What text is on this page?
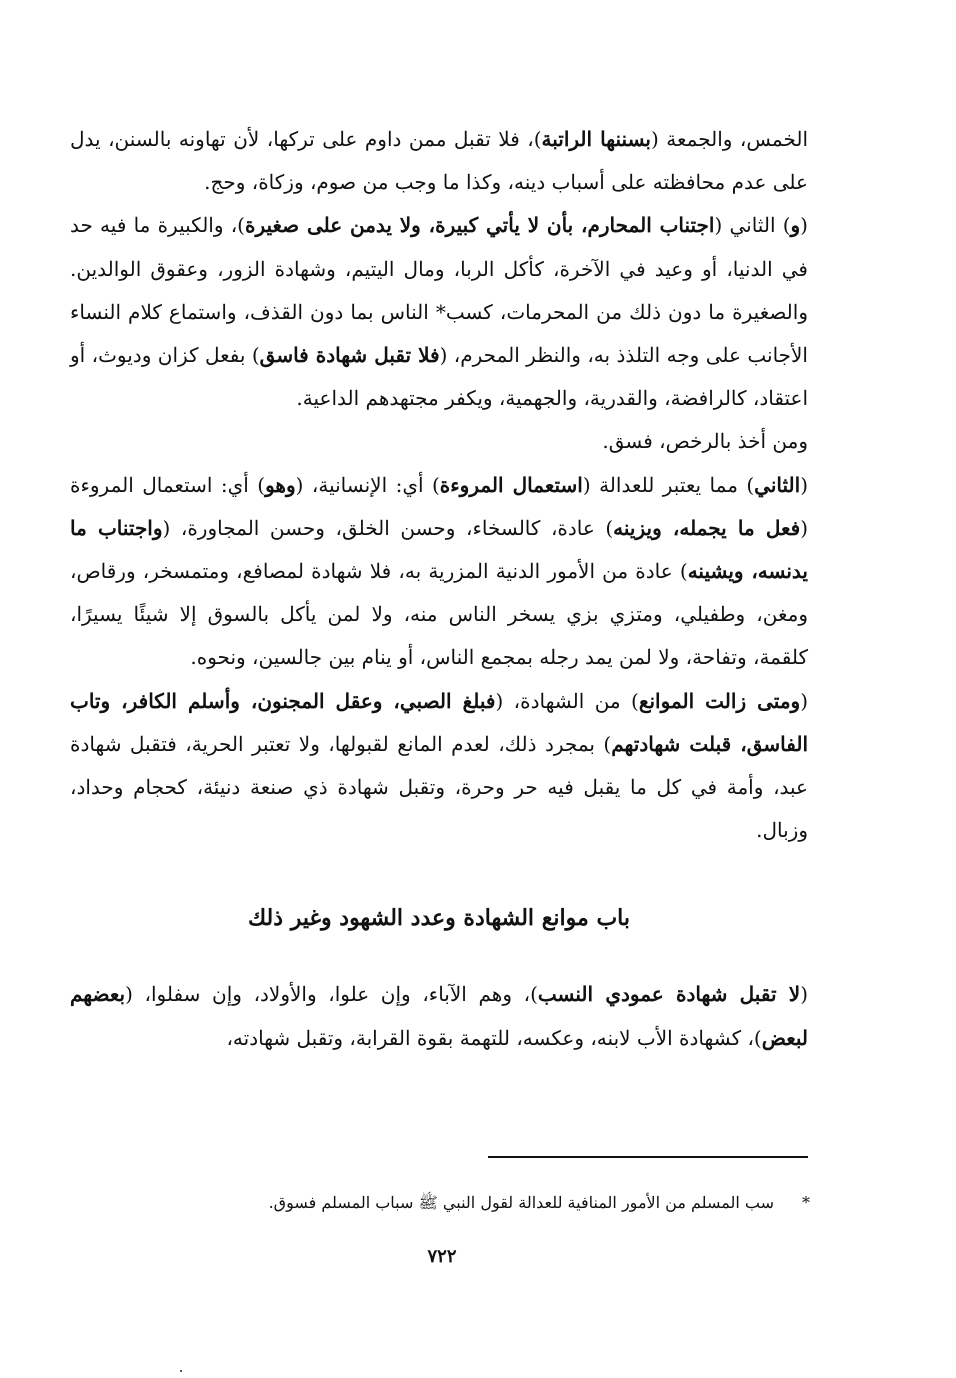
الخمس، والجمعة (بسننها الراتبة)، فلا تقبل ممن داوم على تركها، لأن تهاونه بالسنن، يدل على عدم محافظته على أسباب دينه، وكذا ما وجب من صوم، وزكاة، وحج.

(و) الثاني (اجتناب المحارم، بأن لا يأتي كبيرة، ولا يدمن على صغيرة)، والكبيرة ما فيه حد في الدنيا، أو وعيد في الآخرة، كأكل الربا، ومال اليتيم، وشهادة الزور، وعقوق الوالدين. والصغيرة ما دون ذلك من المحرمات، كسب* الناس بما دون القذف، واستماع كلام النساء الأجانب على وجه التلذذ به، والنظر المحرم، (فلا تقبل شهادة فاسق) بفعل كزان وديوث، أو اعتقاد، كالرافضة، والقدرية، والجهمية، ويكفر مجتهدهم الداعية.

ومن أخذ بالرخص، فسق.

(الثاني) مما يعتبر للعدالة (استعمال المروءة) أي: الإنسانية، (وهو) أي: استعمال المروءة (فعل ما يجمله، ويزينه) عادة، كالسخاء، وحسن الخلق، وحسن المجاورة، (واجتناب ما يدنسه، ويشينه) عادة من الأمور الدنية المزرية به، فلا شهادة لمصافع، ومتمسخر، ورقاص، ومغن، وطفيلي، ومتزي بزي يسخر الناس منه، ولا لمن يأكل بالسوق إلا شيئًا يسيرًا، كلقمة، وتفاحة، ولا لمن يمد رجله بمجمع الناس، أو ينام بين جالسين، ونحوه.

(ومتى زالت الموانع) من الشهادة، (فبلغ الصبي، وعقل المجنون، وأسلم الكافر، وتاب الفاسق، قبلت شهادتهم) بمجرد ذلك، لعدم المانع لقبولها، ولا تعتبر الحرية، فتقبل شهادة عبد، وأمة في كل ما يقبل فيه حر وحرة، وتقبل شهادة ذي صنعة دنيئة، كحجام وحداد، وزبال.

باب موانع الشهادة وعدد الشهود وغير ذلك

(لا تقبل شهادة عمودي النسب)، وهم الآباء، وإن علوا، والأولاد، وإن سفلوا، (بعضهم لبعض)، كشهادة الأب لابنه، وعكسه، للتهمة بقوة القرابة، وتقبل شهادته،

*سب المسلم من الأمور المنافية للعدالة لقول النبي ﷺ سباب المسلم فسوق.
٧٢٢
